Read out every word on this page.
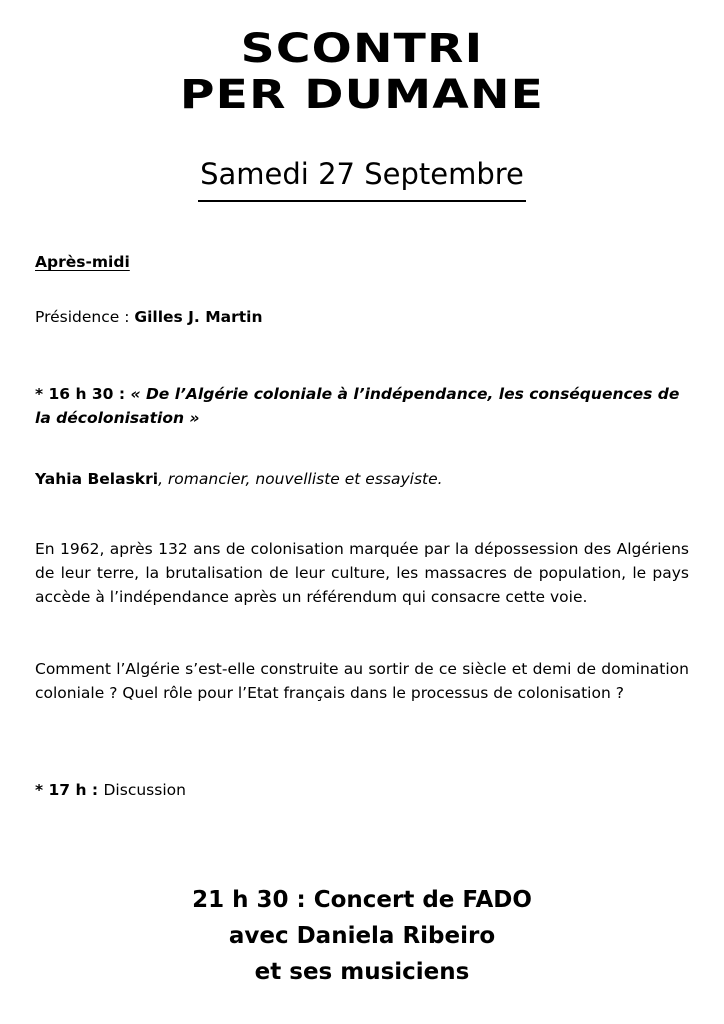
SCONTRI
PER DUMANE
Samedi 27 Septembre
Après-midi
Présidence : Gilles J. Martin
* 16 h 30 : « De l’Algérie coloniale à l’indépendance, les conséquences de la décolonisation »
Yahia Belaskri, romancier, nouvelliste et essayiste.
En 1962, après 132 ans de colonisation marquée par la dépossession des Algériens de leur terre, la brutalisation de leur culture, les massacres de population, le pays accède à l’indépendance après un référendum qui consacre cette voie.
Comment l’Algérie s’est-elle construite au sortir de ce siècle et demi de domination coloniale ? Quel rôle pour l’Etat français dans le processus de colonisation ?
* 17 h : Discussion
21 h 30 : Concert de FADO
avec Daniela Ribeiro
et ses musiciens
